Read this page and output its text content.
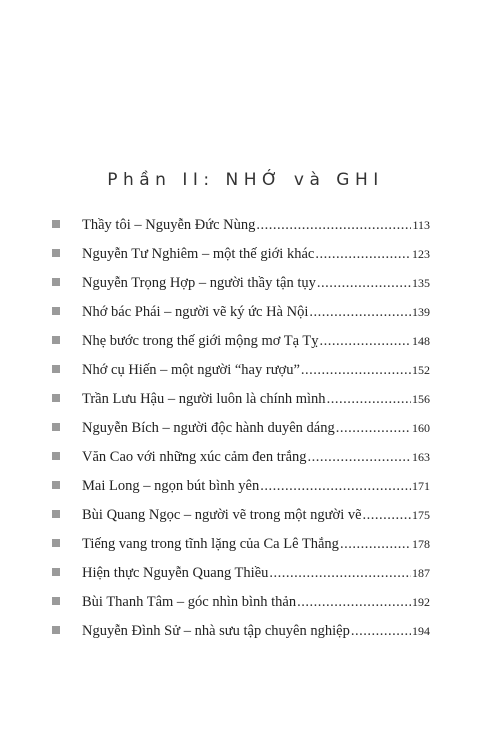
Phần II: NHỚ và GHI
Thầy tôi – Nguyễn Đức Nùng .....	113
Nguyễn Tư Nghiêm – một thế giới khác .....	123
Nguyễn Trọng Hợp – người thầy tận tụy .....	135
Nhớ bác Phái – người vẽ ký ức Hà Nội .....	139
Nhẹ bước trong thế giới mộng mơ Tạ Tỵ .....	148
Nhớ cụ Hiến – một người “hay rượu” .....	152
Trần Lưu Hậu – người luôn là chính mình .....	156
Nguyễn Bích – người độc hành duyên dáng .....	160
Văn Cao với những xúc cảm đen trắng .....	163
Mai Long – ngọn bút bình yên .....	171
Bùi Quang Ngọc – người vẽ trong một người vẽ .....	175
Tiếng vang trong tĩnh lặng của Ca Lê Thắng .....	178
Hiện thực Nguyễn Quang Thiều .....	187
Bùi Thanh Tâm – góc nhìn bình thản .....	192
Nguyễn Đình Sử – nhà sưu tập chuyên nghiệp .....	194
